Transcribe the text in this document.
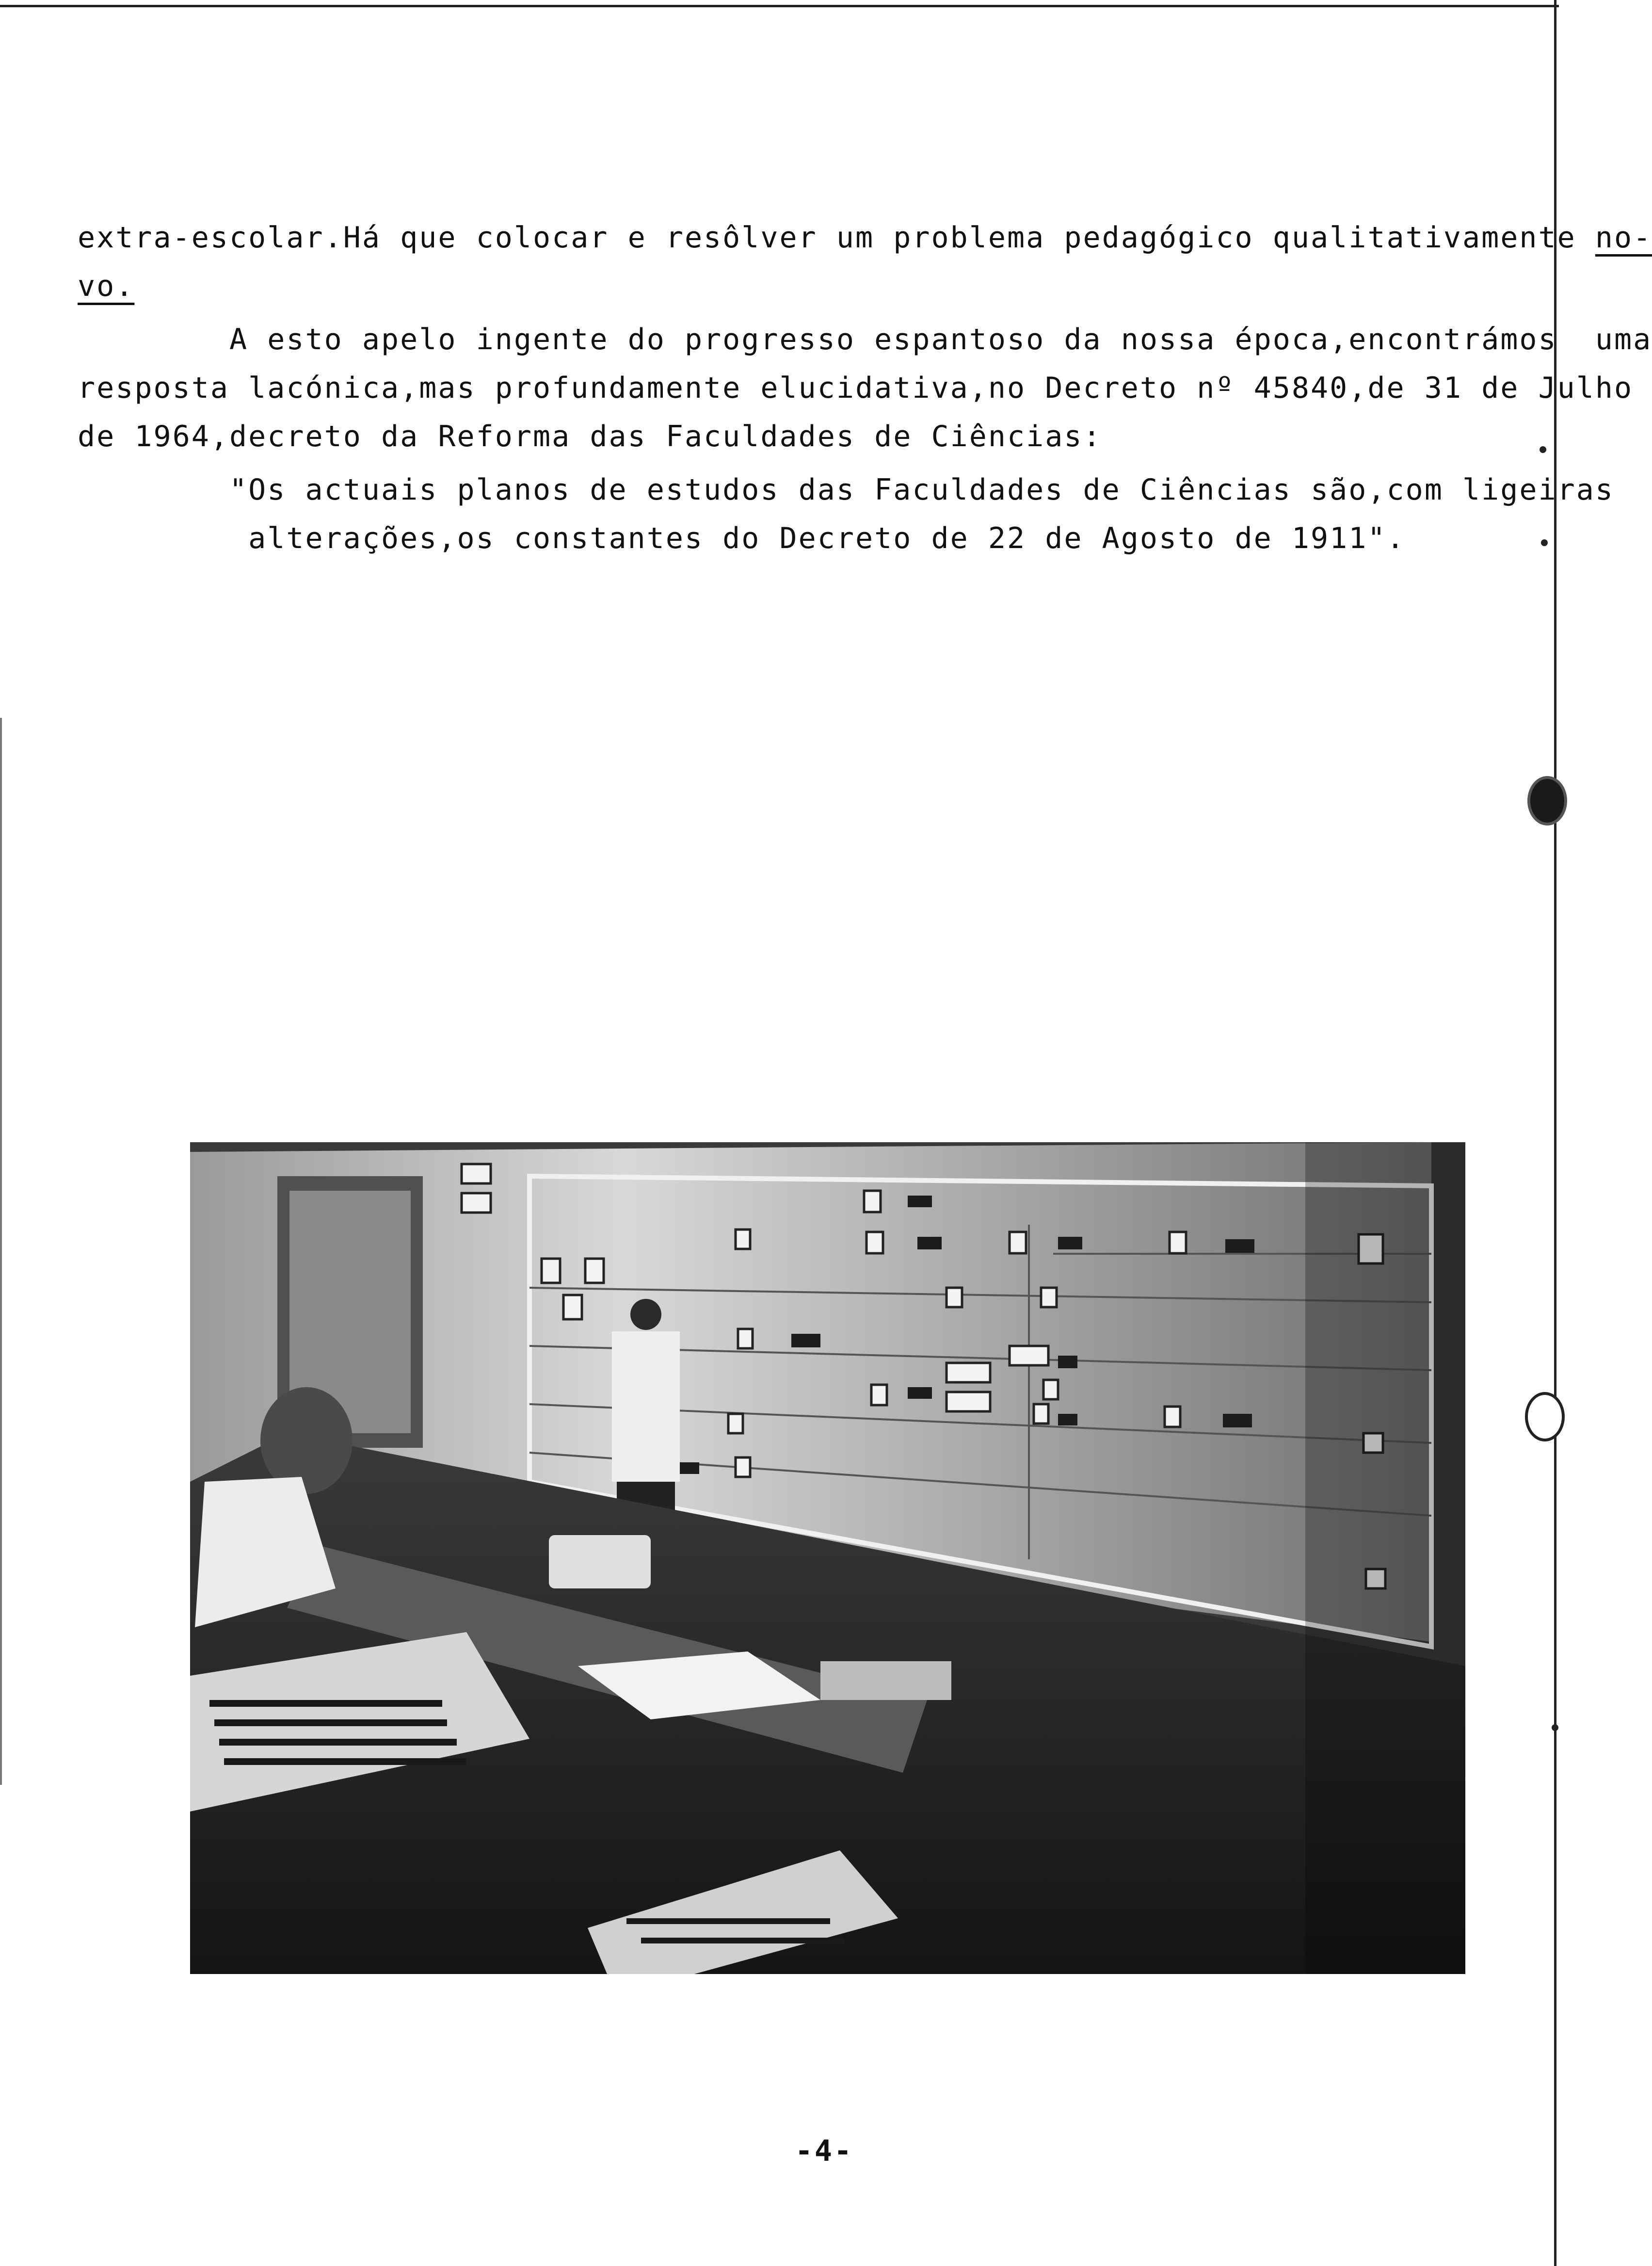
extra-escolar.Há que colocar e resôlver um problema pedagógico qualitativamente no-
vo.
A esto apelo ingente do progresso espantoso da nossa época,encontrámos  uma
resposta lacónica,mas profundamente elucidativa,no Decreto nº 45840,de 31 de Julho
de 1964,decreto da Reforma das Faculdades de Ciências:
"Os actuais planos de estudos das Faculdades de Ciências são,com ligeiras
alterações,os constantes do Decreto de 22 de Agosto de 1911".
-4-
